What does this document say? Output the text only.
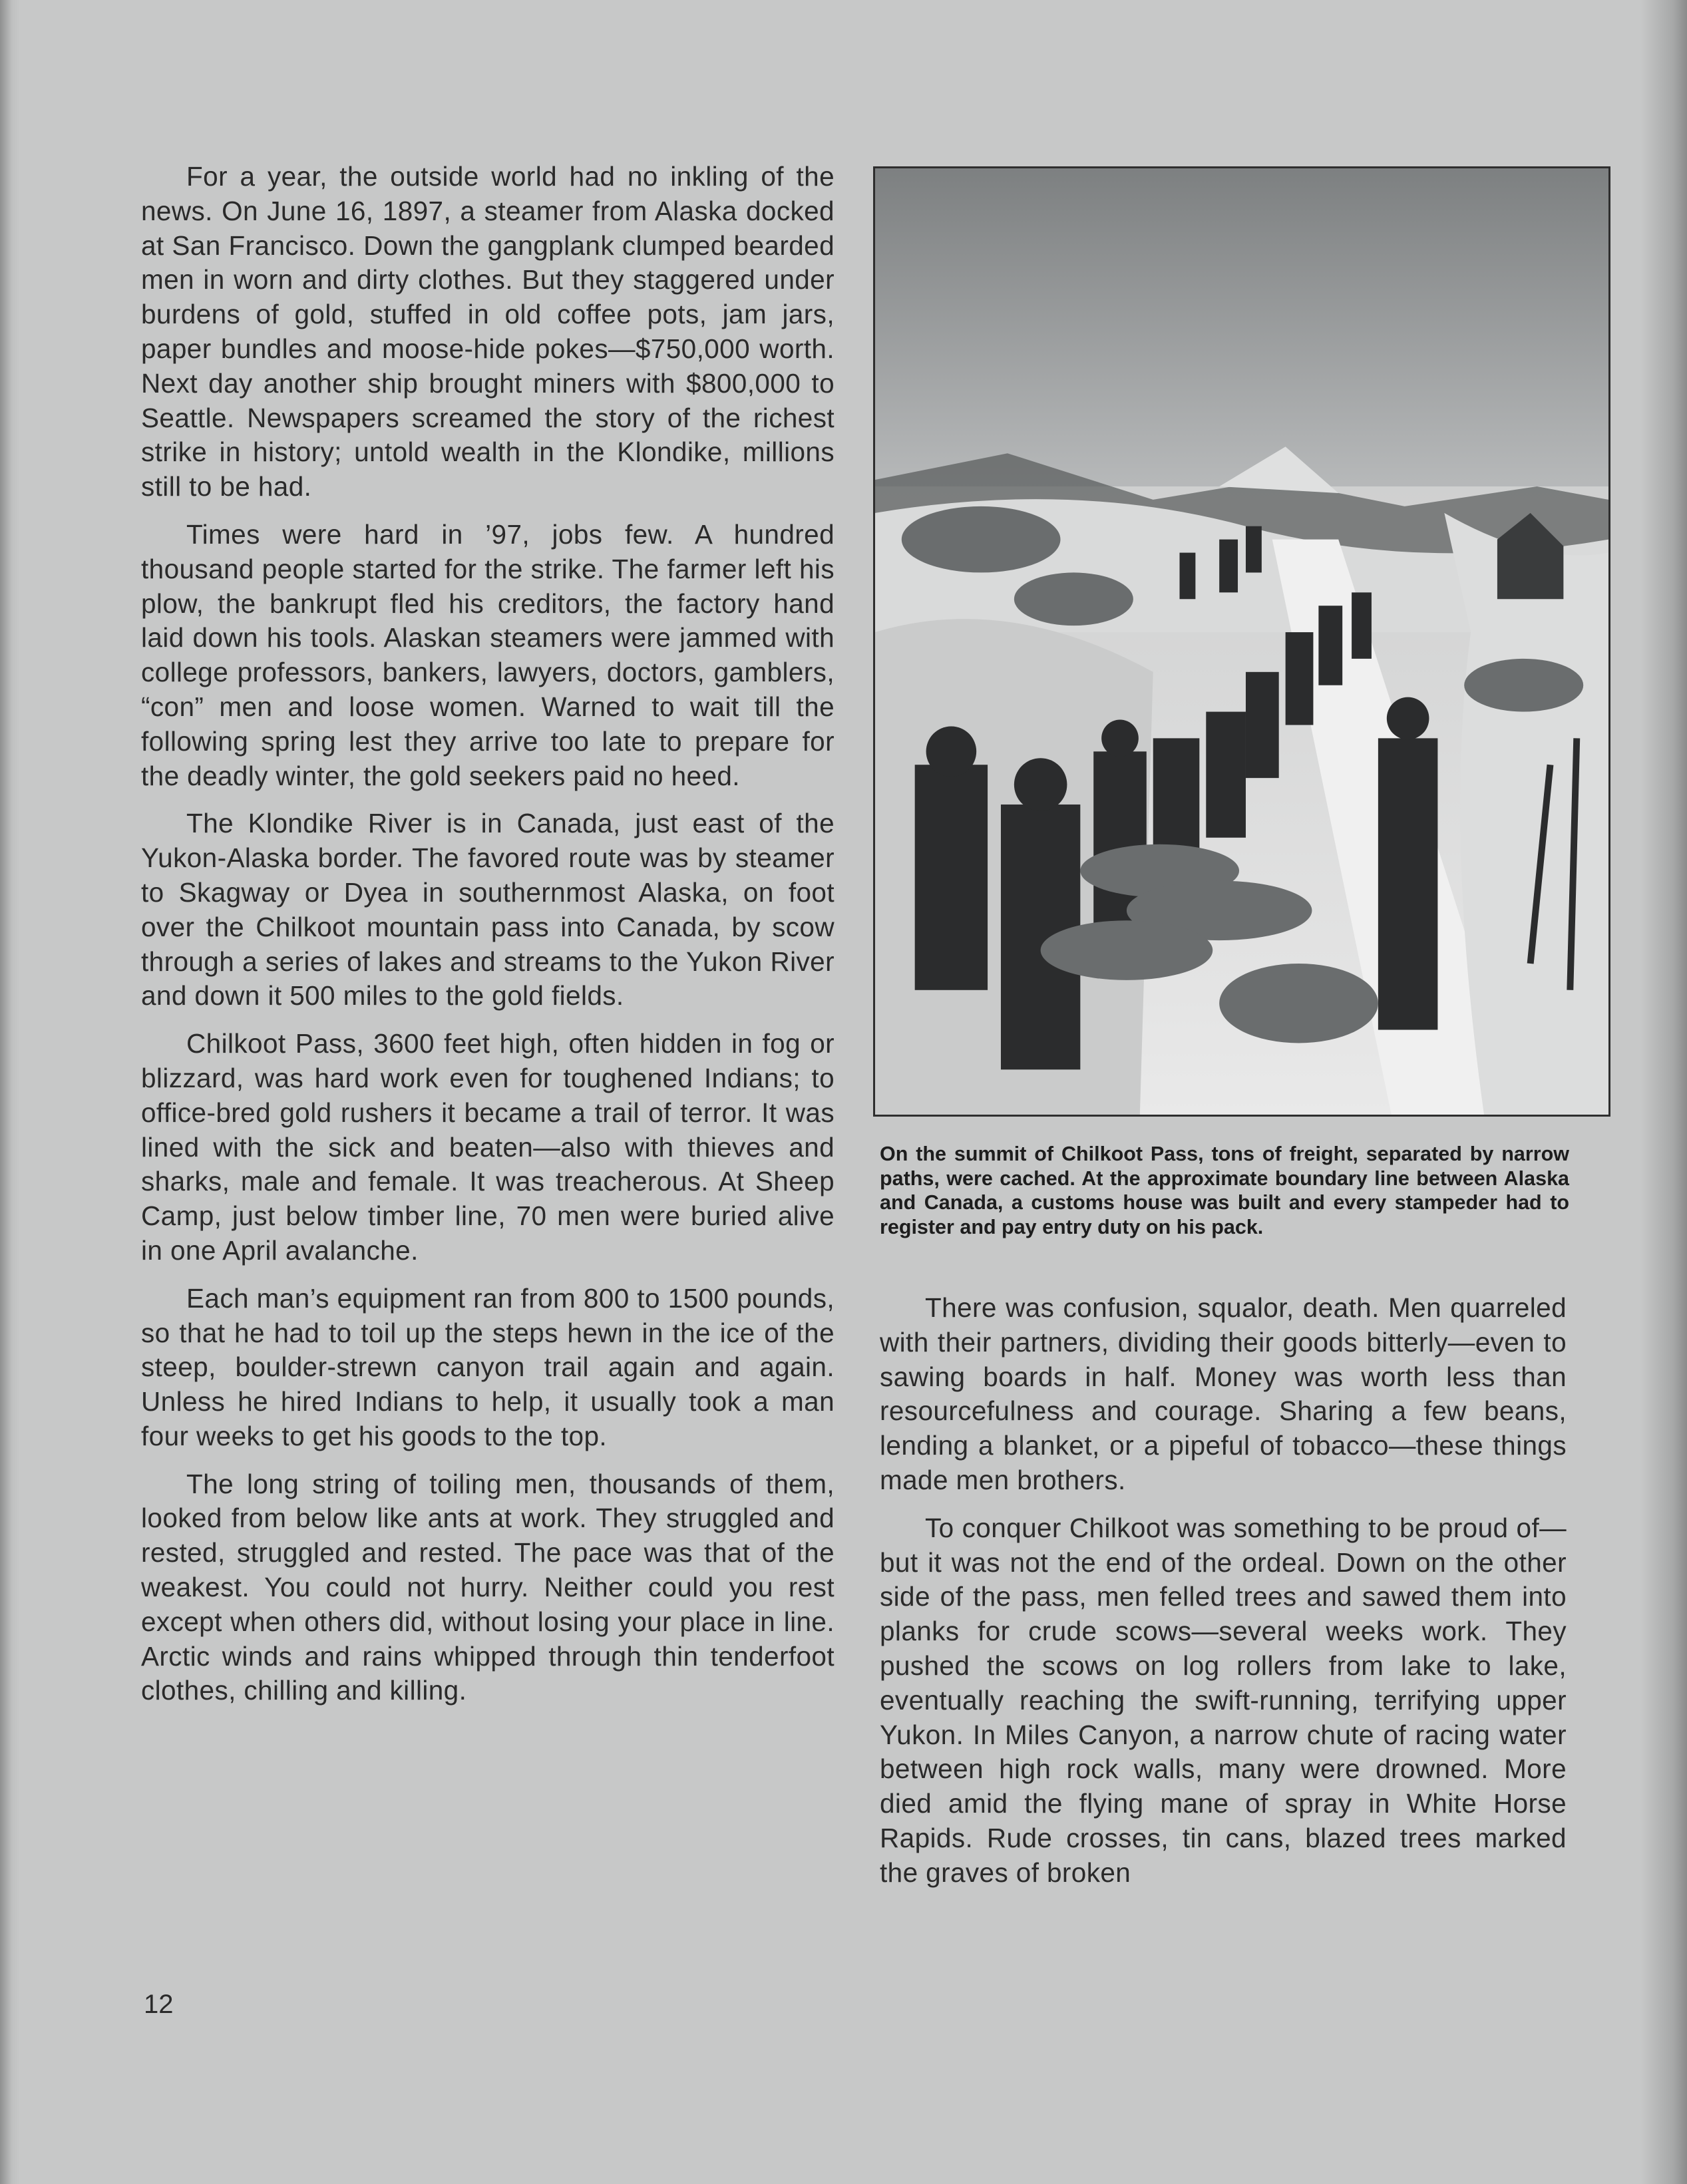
For a year, the outside world had no inkling of the news. On June 16, 1897, a steamer from Alaska docked at San Francisco. Down the gangplank clumped bearded men in worn and dirty clothes. But they staggered under burdens of gold, stuffed in old coffee pots, jam jars, paper bundles and moose-hide pokes—$750,000 worth. Next day another ship brought miners with $800,000 to Seattle. Newspapers screamed the story of the richest strike in history; untold wealth in the Klondike, millions still to be had.

Times were hard in ’97, jobs few. A hundred thousand people started for the strike. The farmer left his plow, the bankrupt fled his creditors, the factory hand laid down his tools. Alaskan steamers were jammed with college professors, bankers, lawyers, doctors, gamblers, “con” men and loose women. Warned to wait till the following spring lest they arrive too late to prepare for the deadly winter, the gold seekers paid no heed.

The Klondike River is in Canada, just east of the Yukon-Alaska border. The favored route was by steamer to Skagway or Dyea in southernmost Alaska, on foot over the Chilkoot mountain pass into Canada, by scow through a series of lakes and streams to the Yukon River and down it 500 miles to the gold fields.

Chilkoot Pass, 3600 feet high, often hidden in fog or blizzard, was hard work even for toughened Indians; to office-bred gold rushers it became a trail of terror. It was lined with the sick and beaten—also with thieves and sharks, male and female. It was treacherous. At Sheep Camp, just below timber line, 70 men were buried alive in one April avalanche.

Each man’s equipment ran from 800 to 1500 pounds, so that he had to toil up the steps hewn in the ice of the steep, boulder-strewn canyon trail again and again. Unless he hired Indians to help, it usually took a man four weeks to get his goods to the top.

The long string of toiling men, thousands of them, looked from below like ants at work. They struggled and rested, struggled and rested. The pace was that of the weakest. You could not hurry. Neither could you rest except when others did, without losing your place in line. Arctic winds and rains whipped through thin tenderfoot clothes, chilling and killing.

On the summit of Chilkoot Pass, tons of freight, separated by narrow paths, were cached. At the approximate boundary line between Alaska and Canada, a customs house was built and every stampeder had to register and pay entry duty on his pack.

There was confusion, squalor, death. Men quarreled with their partners, dividing their goods bitterly—even to sawing boards in half. Money was worth less than resourcefulness and courage. Sharing a few beans, lending a blanket, or a pipeful of tobacco—these things made men brothers.

To conquer Chilkoot was something to be proud of—but it was not the end of the ordeal. Down on the other side of the pass, men felled trees and sawed them into planks for crude scows—several weeks work. They pushed the scows on log rollers from lake to lake, eventually reaching the swift-running, terrifying upper Yukon. In Miles Canyon, a narrow chute of racing water between high rock walls, many were drowned. More died amid the flying mane of spray in White Horse Rapids. Rude crosses, tin cans, blazed trees marked the graves of broken

12
